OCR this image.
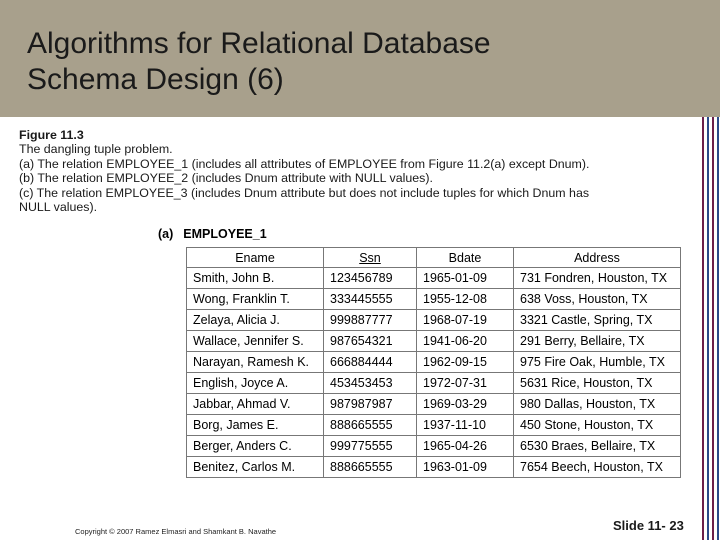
Algorithms for Relational Database
Schema Design (6)
Figure 11.3
The dangling tuple problem.
(a) The relation EMPLOYEE_1 (includes all attributes of EMPLOYEE from Figure 11.2(a) except Dnum).
(b) The relation EMPLOYEE_2 (includes Dnum attribute with NULL values).
(c) The relation EMPLOYEE_3 (includes Dnum attribute but does not include tuples for which Dnum has
NULL values).
(a) EMPLOYEE_1
Ename	Ssn	Bdate	Address
Smith, John B.	123456789	1965-01-09	731 Fondren, Houston, TX
Wong, Franklin T.	333445555	1955-12-08	638 Voss, Houston, TX
Zelaya, Alicia J.	999887777	1968-07-19	3321 Castle, Spring, TX
Wallace, Jennifer S.	987654321	1941-06-20	291 Berry, Bellaire, TX
Narayan, Ramesh K.	666884444	1962-09-15	975 Fire Oak, Humble, TX
English, Joyce A.	453453453	1972-07-31	5631 Rice, Houston, TX
Jabbar, Ahmad V.	987987987	1969-03-29	980 Dallas, Houston, TX
Borg, James E.	888665555	1937-11-10	450 Stone, Houston, TX
Berger, Anders C.	999775555	1965-04-26	6530 Braes, Bellaire, TX
Benitez, Carlos M.	888665555	1963-01-09	7654 Beech, Houston, TX
Copyright © 2007 Ramez Elmasri and Shamkant B. Navathe	Slide 11- 23
